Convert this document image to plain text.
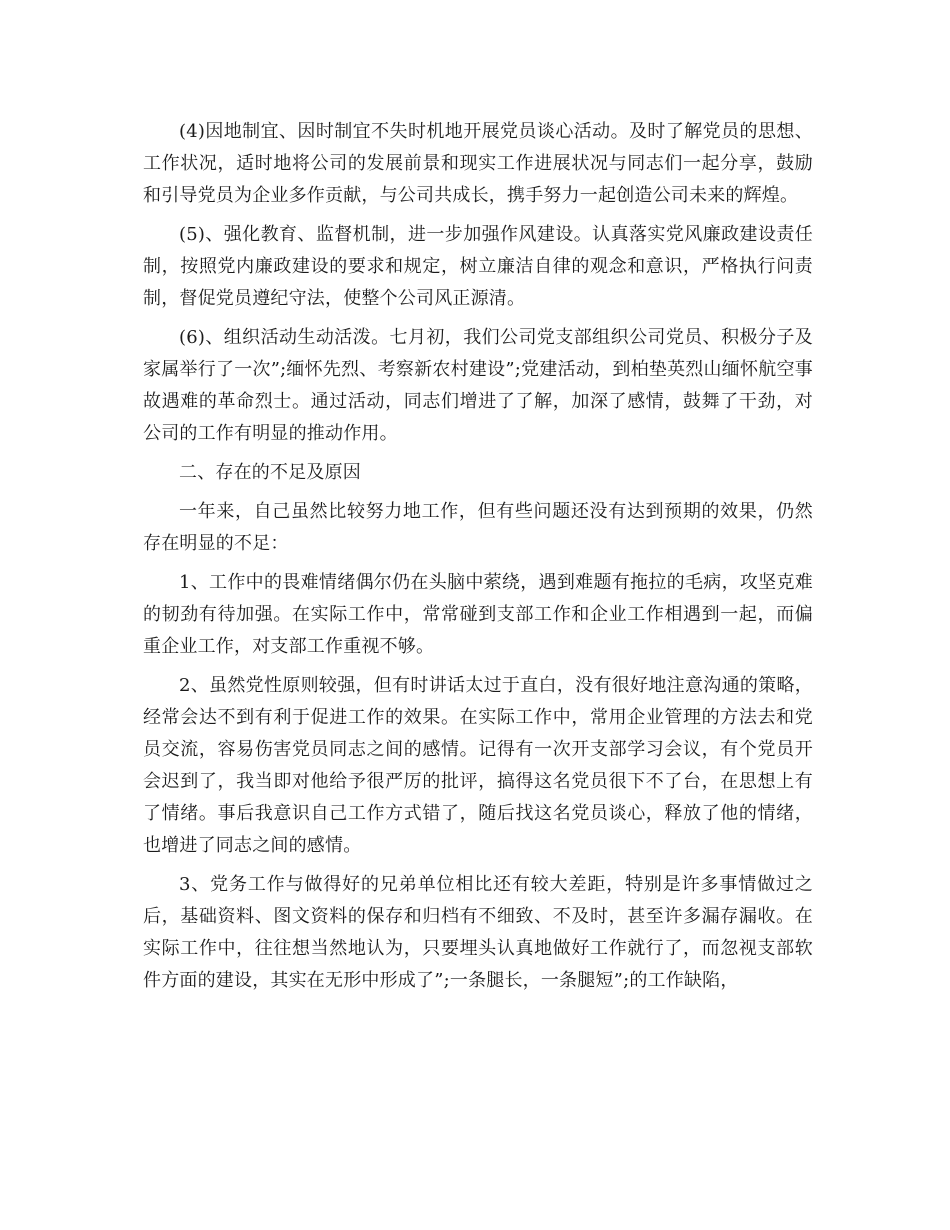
(4)因地制宜、因时制宜不失时机地开展党员谈心活动。及时了解党员的思想、工作状况，适时地将公司的发展前景和现实工作进展状况与同志们一起分享，鼓励和引导党员为企业多作贡献，与公司共成长，携手努力一起创造公司未来的辉煌。

(5)、强化教育、监督机制，进一步加强作风建设。认真落实党风廉政建设责任制，按照党内廉政建设的要求和规定，树立廉洁自律的观念和意识，严格执行问责制，督促党员遵纪守法，使整个公司风正源清。

(6)、组织活动生动活泼。七月初，我们公司党支部组织公司党员、积极分子及家属举行了一次”;缅怀先烈、考察新农村建设”;党建活动，到柏垫英烈山缅怀航空事故遇难的革命烈士。通过活动，同志们增进了了解，加深了感情，鼓舞了干劲，对公司的工作有明显的推动作用。

二、存在的不足及原因

一年来，自己虽然比较努力地工作，但有些问题还没有达到预期的效果，仍然存在明显的不足：

1、工作中的畏难情绪偶尔仍在头脑中萦绕，遇到难题有拖拉的毛病，攻坚克难的韧劲有待加强。在实际工作中，常常碰到支部工作和企业工作相遇到一起，而偏重企业工作，对支部工作重视不够。

2、虽然党性原则较强，但有时讲话太过于直白，没有很好地注意沟通的策略，经常会达不到有利于促进工作的效果。在实际工作中，常用企业管理的方法去和党员交流，容易伤害党员同志之间的感情。记得有一次开支部学习会议，有个党员开会迟到了，我当即对他给予很严厉的批评，搞得这名党员很下不了台，在思想上有了情绪。事后我意识自己工作方式错了，随后找这名党员谈心，释放了他的情绪，也增进了同志之间的感情。

3、党务工作与做得好的兄弟单位相比还有较大差距，特别是许多事情做过之后，基础资料、图文资料的保存和归档有不细致、不及时，甚至许多漏存漏收。在实际工作中，往往想当然地认为，只要埋头认真地做好工作就行了，而忽视支部软件方面的建设，其实在无形中形成了”;一条腿长，一条腿短”;的工作缺陷，
